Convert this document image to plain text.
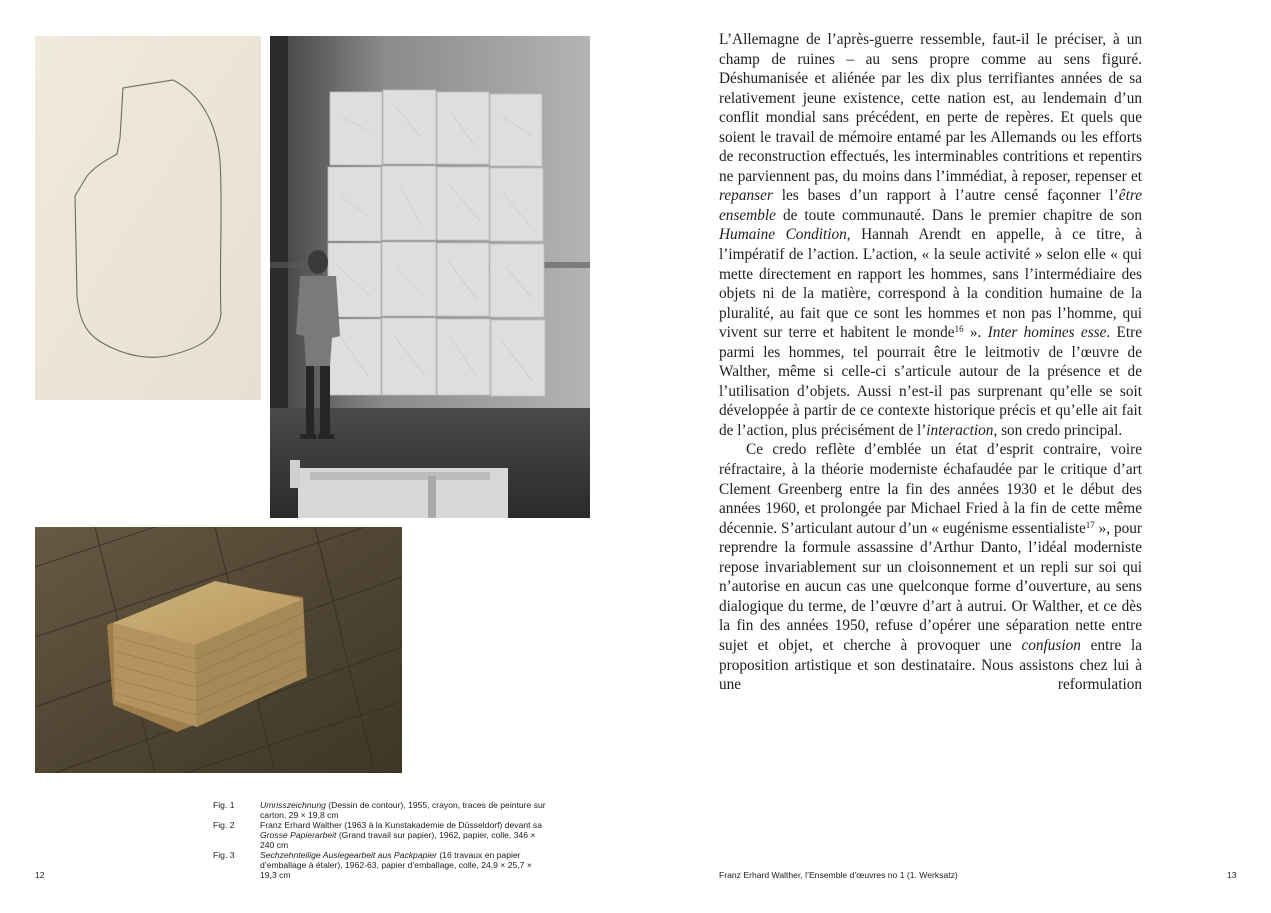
Fig. 1	Umrisszeichnung (Dessin de contour), 1955, crayon, traces de peinture sur carton, 29 × 19,8 cm
Fig. 2	Franz Erhard Walther (1963 à la Kunstakademie de Düsseldorf) devant sa Grosse Papierarbeit (Grand travail sur papier), 1962, papier, colle, 346 × 240 cm
Fig. 3	Sechzehnteilige Auslegearbeit aus Packpapier (16 travaux en papier d’emballage à étaler), 1962-63, papier d’emballage, colle, 24,9 × 25,7 × 19,3 cm
12	Franz Erhard Walther, l’Ensemble d’œuvres no 1 (1. Werksatz)	13

L’Allemagne de l’après-guerre ressemble, faut-il le préciser, à un champ de ruines – au sens propre comme au sens figuré. Déshumanisée et aliénée par les dix plus terrifiantes années de sa relativement jeune existence, cette nation est, au lendemain d’un conflit mondial sans précédent, en perte de repères. Et quels que soient le travail de mémoire entamé par les Allemands ou les efforts de reconstruction effectués, les interminables contritions et repentirs ne parviennent pas, du moins dans l’immédiat, à reposer, repenser et repanser les bases d’un rapport à l’autre censé façonner l’être ensemble de toute communauté. Dans le premier chapitre de son Humaine Condition, Hannah Arendt en appelle, à ce titre, à l’impératif de l’action. L’action, « la seule activité » selon elle « qui mette directement en rapport les hommes, sans l’intermédiaire des objets ni de la matière, correspond à la condition humaine de la pluralité, au fait que ce sont les hommes et non pas l’homme, qui vivent sur terre et habitent le monde$^{16}$ ». Inter homines esse. Etre parmi les hommes, tel pourrait être le leitmotiv de l’œuvre de Walther, même si celle-ci s’articule autour de la présence et de l’utilisation d’objets. Aussi n’est-il pas surprenant qu’elle se soit développée à partir de ce contexte historique précis et qu’elle ait fait de l’action, plus précisément de l’interaction, son credo principal.

Ce credo reflète d’emblée un état d’esprit contraire, voire réfractaire, à la théorie moderniste échafaudée par le critique d’art Clement Greenberg entre la fin des années 1930 et le début des années 1960, et prolongée par Michael Fried à la fin de cette même décennie. S’articulant autour d’un « eugénisme essentialiste$^{17}$ », pour reprendre la formule assassine d’Arthur Danto, l’idéal moderniste repose invariablement sur un cloisonnement et un repli sur soi qui n’autorise en aucun cas une quelconque forme d’ouverture, au sens dialogique du terme, de l’œuvre d’art à autrui. Or Walther, et ce dès la fin des années 1950, refuse d’opérer une séparation nette entre sujet et objet, et cherche à provoquer une confusion entre la proposition artistique et son destinataire. Nous assistons chez lui à une reformulation
